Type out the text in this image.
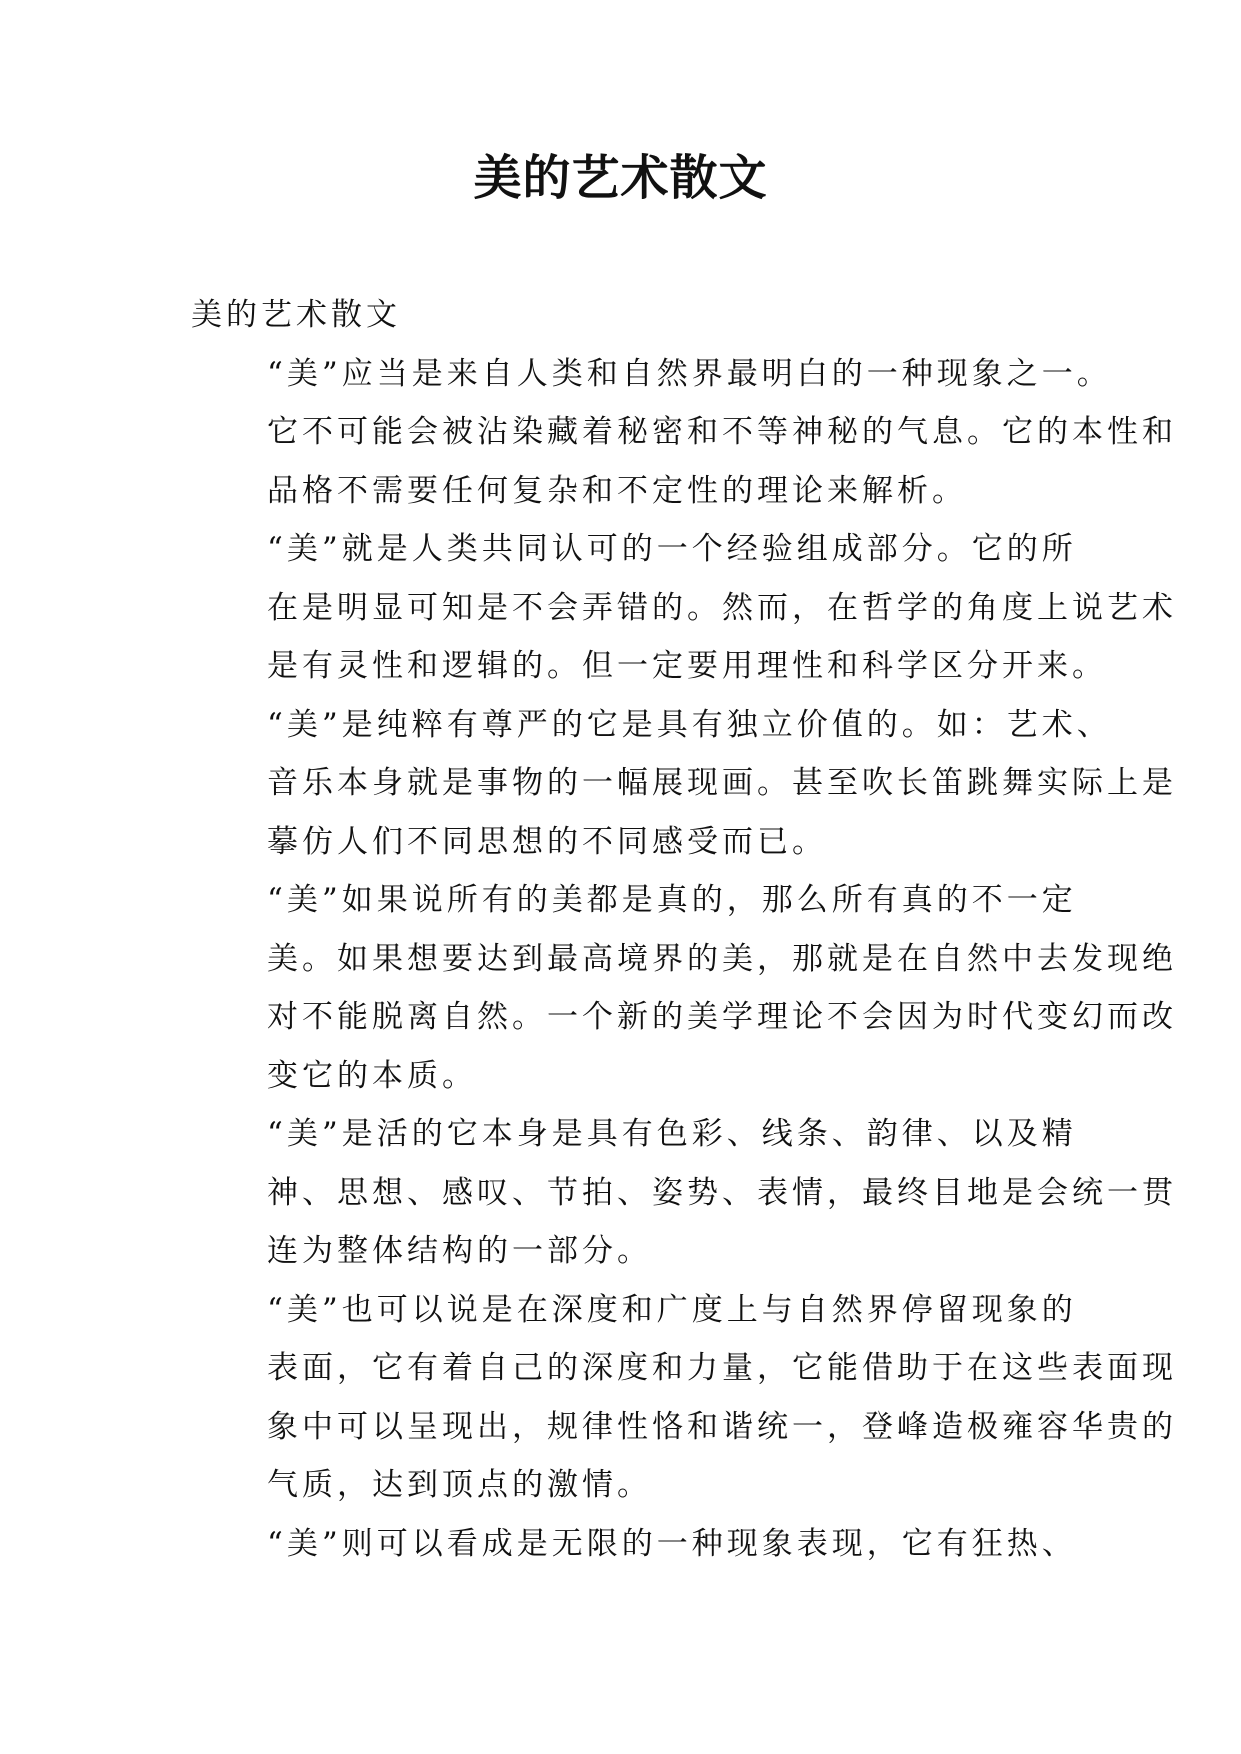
美的艺术散文

美的艺术散文

“美”应当是来自人类和自然界最明白的一种现象之一。
它不可能会被沾染藏着秘密和不等神秘的气息。它的本性和
品格不需要任何复杂和不定性的理论来解析。

“美”就是人类共同认可的一个经验组成部分。它的所
在是明显可知是不会弄错的。然而，在哲学的角度上说艺术
是有灵性和逻辑的。但一定要用理性和科学区分开来。

“美”是纯粹有尊严的它是具有独立价值的。如：艺术、
音乐本身就是事物的一幅展现画。甚至吹长笛跳舞实际上是
摹仿人们不同思想的不同感受而已。

“美”如果说所有的美都是真的，那么所有真的不一定
美。如果想要达到最高境界的美，那就是在自然中去发现绝
对不能脱离自然。一个新的美学理论不会因为时代变幻而改
变它的本质。

“美”是活的它本身是具有色彩、线条、韵律、以及精
神、思想、感叹、节拍、姿势、表情，最终目地是会统一贯
连为整体结构的一部分。

“美”也可以说是在深度和广度上与自然界停留现象的
表面，它有着自己的深度和力量，它能借助于在这些表面现
象中可以呈现出，规律性恪和谐统一，登峰造极雍容华贵的
气质，达到顶点的激情。

“美”则可以看成是无限的一种现象表现，它有狂热、
